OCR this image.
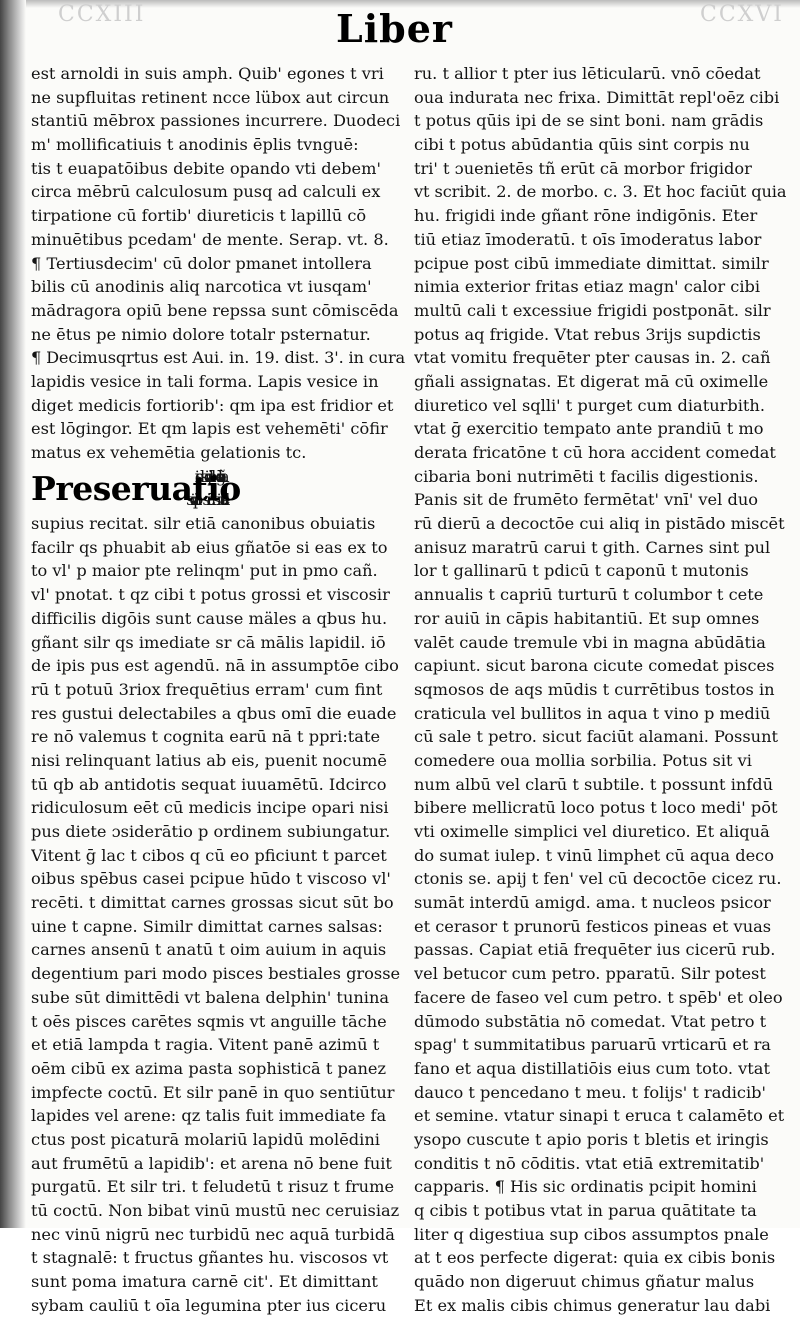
CCXIII	CCXVI
Liber
est arnoldi in suis amph. Quib' egones t vri
ne supfluitas retinent ncce lübox aut circun
stantiū mēbrox passiones incurrere. Duodeci
m' mollificatiuis t anodinis ēplis tvnguē:
tis t euapatōibus debite opando vti debem'
circa mēbrū calculosum pusq ad calculi ex
tirpatione cū fortib' diureticis t lapillū cō
minuētibus pcedam' de mente. Serap. vt. 8.
¶ Tertiusdecim' cū dolor pmanet intollera
bilis cū anodinis aliq narcotica vt iusqam'
mādragora opiū bene repssa sunt cōmiscēda
ne ētus pe nimio dolore totalr psternatur.
¶ Decimusqrtus est Aui. in. 19. dist. 3'. in cura
lapidis vesice in tali forma. Lapis vesice in
diget medicis fortiorib': qm ipa est fridior et
est lōgingor. Et qm lapis est vehemēti' cōfir
matus ex vehemētia gelationis tc.
Preseruatio
supius recitat. silr etiā canonibus obuiatis
facilr qs phuabit ab eius gñatōe si eas ex to
to vl' p maior pte relinqm' put in pmo cañ.
vl' pnotat. t qz cibi t potus grossi et viscosir
difficilis digōis sunt cause mäles a qbus hu.
gñant silr qs imediate sr cā mālis lapidil. iō
de ipis pus est agendū. nā in assumptōe cibo
rū t potuū 3riox frequētius erram' cum fint
res gustui delectabiles a qbus omī die euade
re nō valemus t cognita earū nā t ppri:tate
nisi relinquant latius ab eis, puenit nocumē
tū qb ab antidotis sequat iuuamētū. Idcirco
ridiculosum eēt cū medicis incipe opari nisi
pus diete ɔsiderātio p ordinem subiungatur.
Vitent ḡ lac t cibos q cū eo pficiunt t parcet
oibus spēbus casei pcipue hūdo t viscoso vl'
recēti. t dimittat carnes grossas sicut sūt bo
uine t capne. Similr dimittat carnes salsas:
carnes ansenū t anatū t oim auium in aquis
degentium pari modo pisces bestiales grosse
sube sūt dimittēdi vt balena delphin' tunina
t oēs pisces carētes sqmis vt anguille tāche
et etiā lampda t ragia. Vitent panē azimū t
oēm cibū ex azima pasta sophisticā t panez
impfecte coctū. Et silr panē in quo sentiūtur
lapides vel arene: qz talis fuit immediate fa
ctus post picaturā molariū lapidū molēdini
aut frumētū a lapidib': et arena nō bene fuit
purgatū. Et silr tri. t feludetū t risuz t frume
tū coctū. Non bibat vinū mustū nec ceruisiaz
nec vinū nigrū nec turbidū nec aquā turbidā
t stagnalē: t fructus gñantes hu. viscosos vt
sunt poma imatura carnē cit'. Et dimittant
sybam cauliū t oīa legumina pter ius ciceru
ru. t allior t pter ius lēticularū. vnō cōedat
oua indurata nec frixa. Dimittāt repl'oēz cibi
t potus qūis ipi de se sint boni. nam grādis
cibi t potus abūdantia qūis sint corpis nu
tri' t ɔuenietēs tñ erūt cā morbor frigidor
vt scribit. 2. de morbo. c. 3. Et hoc faciūt quia
hu. frigidi inde gñant rōne indigōnis. Eter
tiū etiaz īmoderatū. t oīs īmoderatus labor
pcipue post cibū immediate dimittat. similr
nimia exterior fritas etiaz magn' calor cibi
multū cali t excessiue frigidi postponāt. silr
potus aq frigide. Vtat rebus 3rijs supdictis
vtat vomitu frequēter pter causas in. 2. cañ
gñali assignatas. Et digerat mā cū oximelle
diuretico vel sqlli' t purget cum diaturbith.
vtat ḡ exercitio tempato ante prandiū t mo
derata fricatōne t cū hora accident comedat
cibaria boni nutrimēti t facilis digestionis.
Panis sit de frumēto fermētat' vnī' vel duo
rū dierū a decoctōe cui aliq in pistādo miscēt
anisuz maratrū carui t gith. Carnes sint pul
lor t gallinarū t pdicū t caponū t mutonis
annualis t capriū turturū t columbor t cete
ror auiū in cāpis habitantiū. Et sup omnes
valēt caude tremule vbi in magna abūdātia
capiunt. sicut barona cicute comedat pisces
sqmosos de aqs mūdis t currētibus tostos in
craticula vel bullitos in aqua t vino p mediū
cū sale t petro. sicut faciūt alamani. Possunt
comedere oua mollia sorbilia. Potus sit vi
num albū vel clarū t subtile. t possunt infdū
bibere mellicratū loco potus t loco medi' pōt
vti oximelle simplici vel diuretico. Et aliquā
do sumat iulep. t vinū limphet cū aqua deco
ctonis se. apij t fen' vel cū decoctōe cicez ru.
sumāt interdū amigd. ama. t nucleos psicor
et cerasor t prunorū festicos pineas et vuas
passas. Capiat etiā frequēter ius cicerū rub.
vel betucor cum petro. pparatū. Silr potest
facere de faseo vel cum petro. t spēb' et oleo
dūmodo substātia nō comedat. Vtat petro t
spag' t summitatibus paruarū vrticarū et ra
fano et aqua distillatiōis eius cum toto. vtat
dauco t pencedano t meu. t folijs' t radicib'
et semine. vtatur sinapi t eruca t calamēto et
ysopo cuscute t apio poris t bletis et iringis
conditis t nō cōditis. vtat etiā extremitatib'
capparis. ¶ His sic ordinatis pcipit homini
q cibis t potibus vtat in parua quātitate ta
liter q digestiua sup cibos assumptos pnale
at t eos perfecte digerat: quia ex cibis bonis
quādo non digeruut chimus gñatur malus
Et ex malis cibis chimus generatur lau dabi
